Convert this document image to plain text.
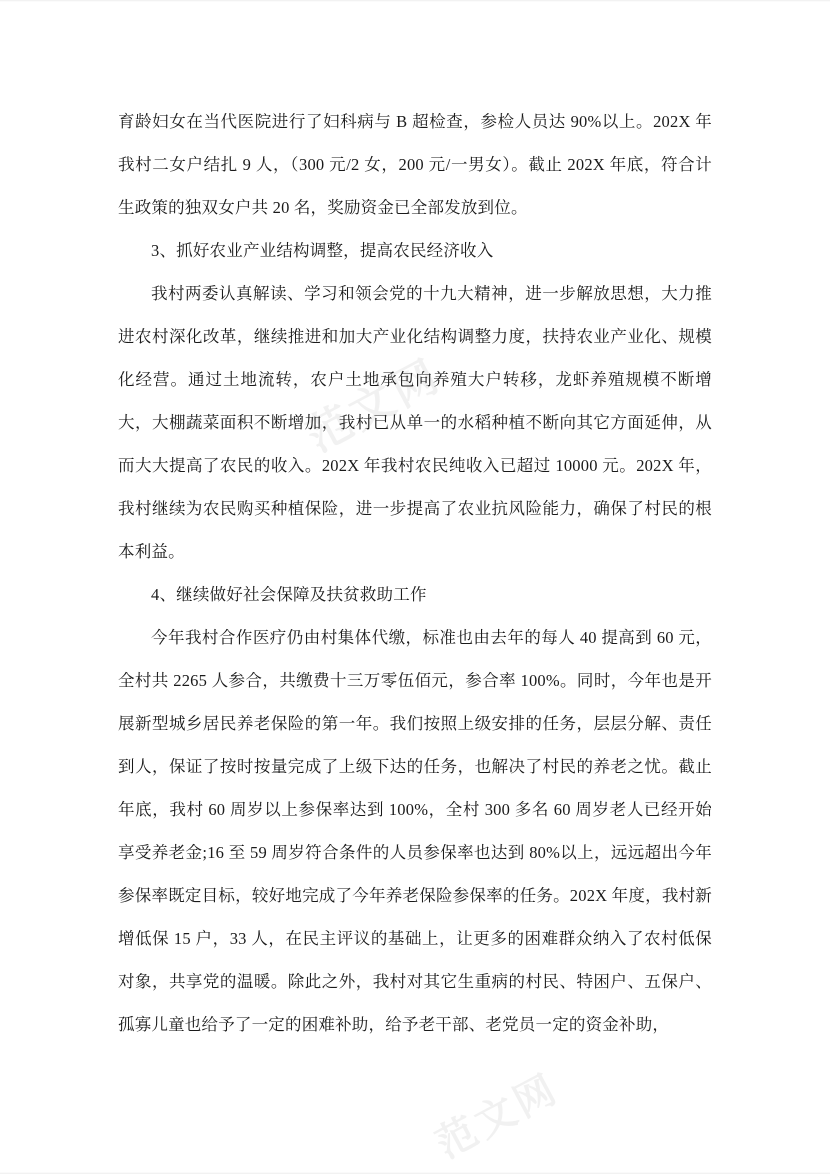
范文网
范文网

育龄妇女在当代医院进行了妇科病与 B 超检查，参检人员达 90%以上。202X 年我村二女户结扎 9 人，（300 元/2 女，200 元/一男女）。截止 202X 年底，符合计生政策的独双女户共 20 名，奖励资金已全部发放到位。

3、抓好农业产业结构调整，提高农民经济收入

我村两委认真解读、学习和领会党的十九大精神，进一步解放思想，大力推进农村深化改革，继续推进和加大产业化结构调整力度，扶持农业产业化、规模化经营。通过土地流转，农户土地承包向养殖大户转移，龙虾养殖规模不断增大，大棚蔬菜面积不断增加，我村已从单一的水稻种植不断向其它方面延伸，从而大大提高了农民的收入。202X 年我村农民纯收入已超过 10000 元。202X 年，我村继续为农民购买种植保险，进一步提高了农业抗风险能力，确保了村民的根本利益。

4、继续做好社会保障及扶贫救助工作

今年我村合作医疗仍由村集体代缴，标准也由去年的每人 40 提高到 60 元，全村共 2265 人参合，共缴费十三万零伍佰元，参合率 100%。同时，今年也是开展新型城乡居民养老保险的第一年。我们按照上级安排的任务，层层分解、责任到人，保证了按时按量完成了上级下达的任务，也解决了村民的养老之忧。截止年底，我村 60 周岁以上参保率达到 100%，全村 300 多名 60 周岁老人已经开始享受养老金;16 至 59 周岁符合条件的人员参保率也达到 80%以上，远远超出今年参保率既定目标，较好地完成了今年养老保险参保率的任务。202X 年度，我村新增低保 15 户，33 人，在民主评议的基础上，让更多的困难群众纳入了农村低保对象，共享党的温暖。除此之外，我村对其它生重病的村民、特困户、五保户、孤寡儿童也给予了一定的困难补助，给予老干部、老党员一定的资金补助，
